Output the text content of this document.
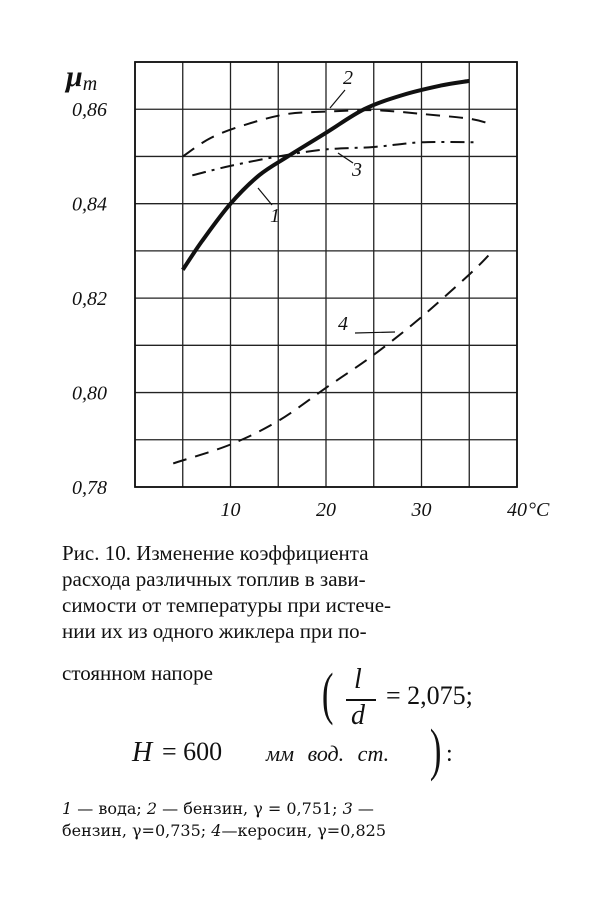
10	20	30	40
0,78
0,80
0,82
0,84
0,86
1
2
3
4
μm
°C
Рис. 10. Изменение коэффициента
расхода различных топлив в зави-
симости от температуры при истече-
нии их из одного жиклера при по-
стоянном напоре	( l
d
= 2,075;
H = 600 мм вод. ст. ) :
1 — вода; 2 — бензин, γ = 0,751; 3 —
бензин, γ=0,735; 4—керосин, γ=0,825
